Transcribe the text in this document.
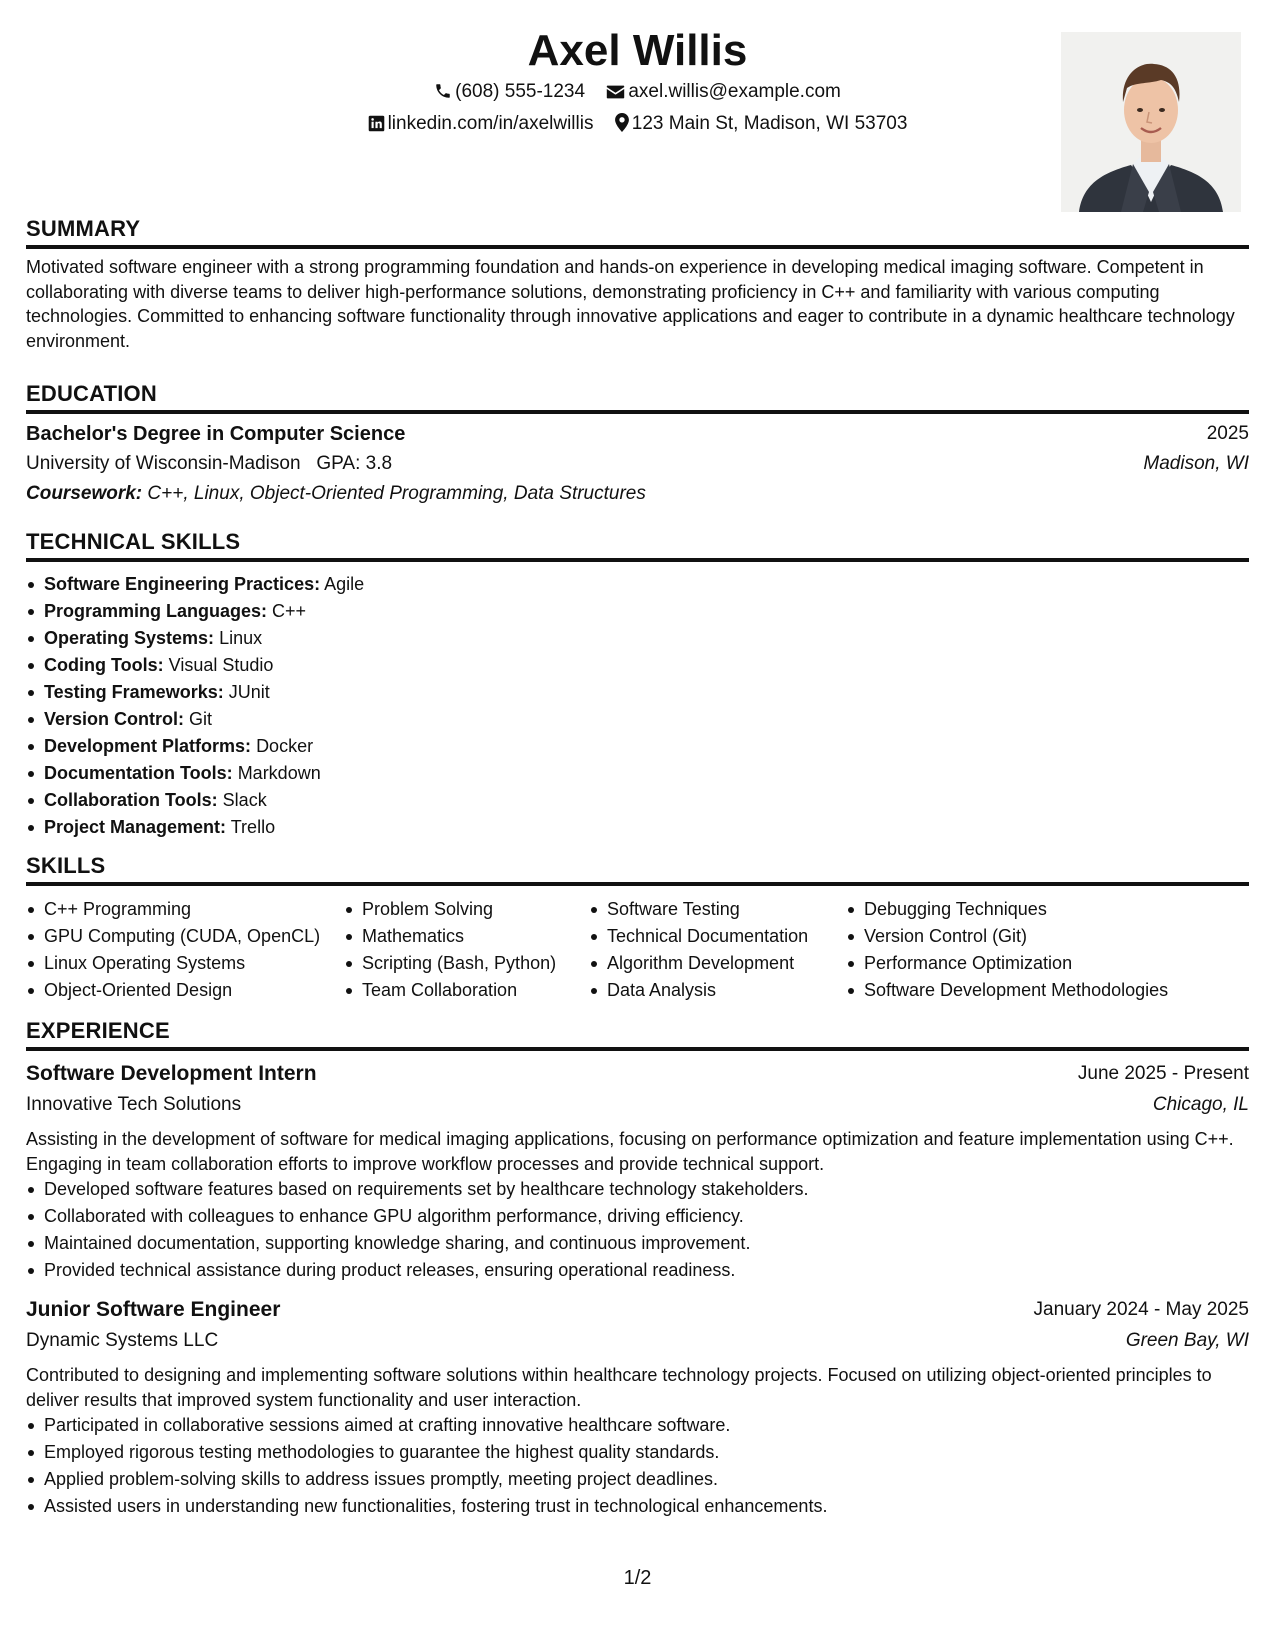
Axel Willis
(608) 555-1234 axel.willis@example.com
linkedin.com/in/axelwillis 123 Main St, Madison, WI 53703
SUMMARY
Motivated software engineer with a strong programming foundation and hands-on experience in developing medical imaging software. Competent in collaborating with diverse teams to deliver high-performance solutions, demonstrating proficiency in C++ and familiarity with various computing technologies. Committed to enhancing software functionality through innovative applications and eager to contribute in a dynamic healthcare technology environment.
EDUCATION
Bachelor's Degree in Computer Science	2025
University of Wisconsin-Madison GPA: 3.8	Madison, WI
Coursework: C++, Linux, Object-Oriented Programming, Data Structures
TECHNICAL SKILLS
Software Engineering Practices: Agile
Programming Languages: C++
Operating Systems: Linux
Coding Tools: Visual Studio
Testing Frameworks: JUnit
Version Control: Git
Development Platforms: Docker
Documentation Tools: Markdown
Collaboration Tools: Slack
Project Management: Trello
SKILLS
C++ Programming
GPU Computing (CUDA, OpenCL)
Linux Operating Systems
Object-Oriented Design
Problem Solving
Mathematics
Scripting (Bash, Python)
Team Collaboration
Software Testing
Technical Documentation
Algorithm Development
Data Analysis
Debugging Techniques
Version Control (Git)
Performance Optimization
Software Development Methodologies
EXPERIENCE
Software Development Intern	June 2025 - Present
Innovative Tech Solutions	Chicago, IL
Assisting in the development of software for medical imaging applications, focusing on performance optimization and feature implementation using C++. Engaging in team collaboration efforts to improve workflow processes and provide technical support.
Developed software features based on requirements set by healthcare technology stakeholders.
Collaborated with colleagues to enhance GPU algorithm performance, driving efficiency.
Maintained documentation, supporting knowledge sharing, and continuous improvement.
Provided technical assistance during product releases, ensuring operational readiness.
Junior Software Engineer	January 2024 - May 2025
Dynamic Systems LLC	Green Bay, WI
Contributed to designing and implementing software solutions within healthcare technology projects. Focused on utilizing object-oriented principles to deliver results that improved system functionality and user interaction.
Participated in collaborative sessions aimed at crafting innovative healthcare software.
Employed rigorous testing methodologies to guarantee the highest quality standards.
Applied problem-solving skills to address issues promptly, meeting project deadlines.
Assisted users in understanding new functionalities, fostering trust in technological enhancements.
1/2
